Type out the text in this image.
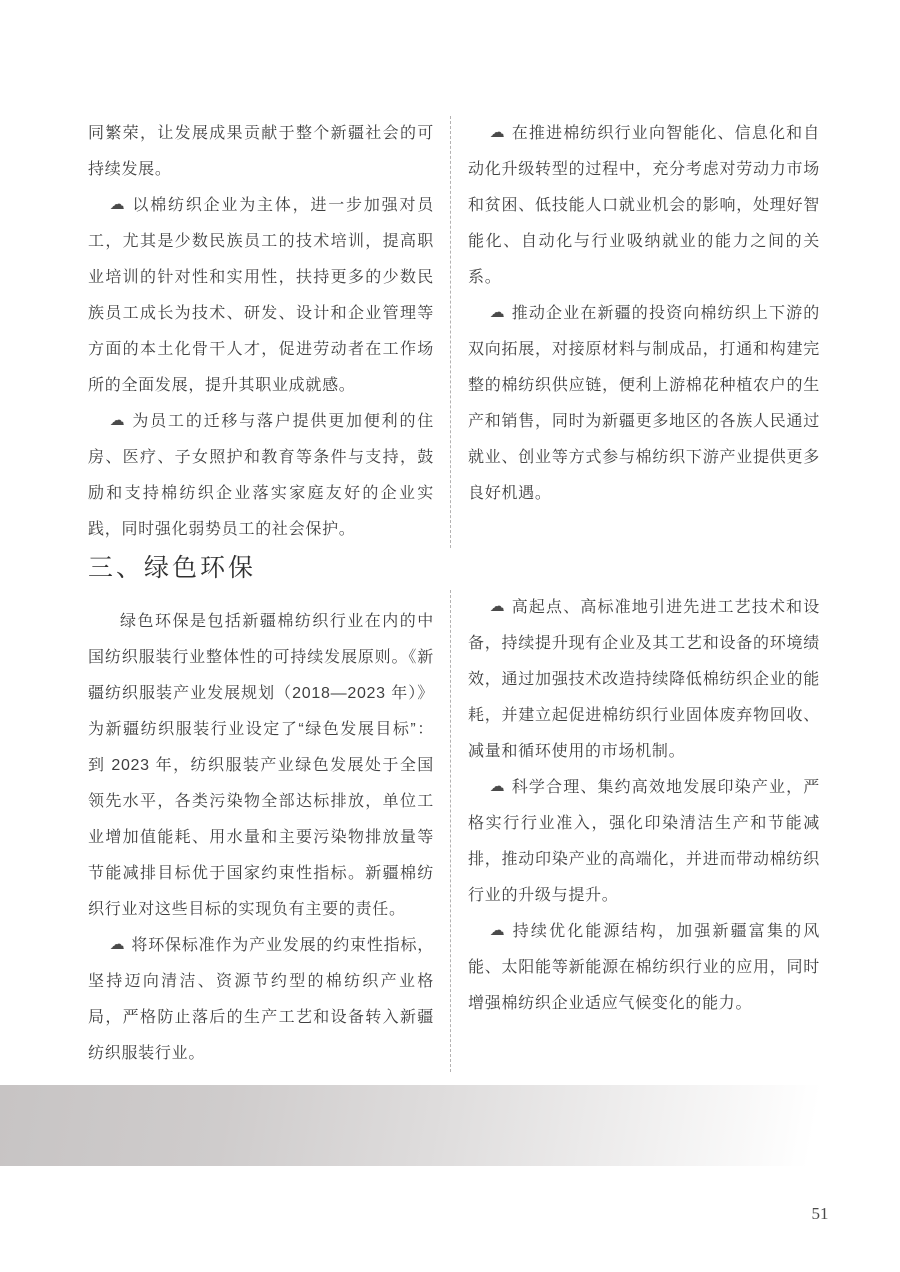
同繁荣，让发展成果贡献于整个新疆社会的可持续发展。

☁ 以棉纺织企业为主体，进一步加强对员工，尤其是少数民族员工的技术培训，提高职业培训的针对性和实用性，扶持更多的少数民族员工成长为技术、研发、设计和企业管理等方面的本土化骨干人才，促进劳动者在工作场所的全面发展，提升其职业成就感。

☁ 为员工的迁移与落户提供更加便利的住房、医疗、子女照护和教育等条件与支持，鼓励和支持棉纺织企业落实家庭友好的企业实践，同时强化弱势员工的社会保护。

☁ 在推进棉纺织行业向智能化、信息化和自动化升级转型的过程中，充分考虑对劳动力市场和贫困、低技能人口就业机会的影响，处理好智能化、自动化与行业吸纳就业的能力之间的关系。

☁ 推动企业在新疆的投资向棉纺织上下游的双向拓展，对接原材料与制成品，打通和构建完整的棉纺织供应链，便利上游棉花种植农户的生产和销售，同时为新疆更多地区的各族人民通过就业、创业等方式参与棉纺织下游产业提供更多良好机遇。

三、绿色环保

绿色环保是包括新疆棉纺织行业在内的中国纺织服装行业整体性的可持续发展原则。《新疆纺织服装产业发展规划（2018—2023 年）》为新疆纺织服装行业设定了“绿色发展目标”：到 2023 年，纺织服装产业绿色发展处于全国领先水平，各类污染物全部达标排放，单位工业增加值能耗、用水量和主要污染物排放量等节能减排目标优于国家约束性指标。新疆棉纺织行业对这些目标的实现负有主要的责任。

☁ 将环保标准作为产业发展的约束性指标，坚持迈向清洁、资源节约型的棉纺织产业格局，严格防止落后的生产工艺和设备转入新疆纺织服装行业。

☁ 高起点、高标准地引进先进工艺技术和设备，持续提升现有企业及其工艺和设备的环境绩效，通过加强技术改造持续降低棉纺织企业的能耗，并建立起促进棉纺织行业固体废弃物回收、减量和循环使用的市场机制。

☁ 科学合理、集约高效地发展印染产业，严格实行行业准入，强化印染清洁生产和节能减排，推动印染产业的高端化，并进而带动棉纺织行业的升级与提升。

☁ 持续优化能源结构，加强新疆富集的风能、太阳能等新能源在棉纺织行业的应用，同时增强棉纺织企业适应气候变化的能力。

51
